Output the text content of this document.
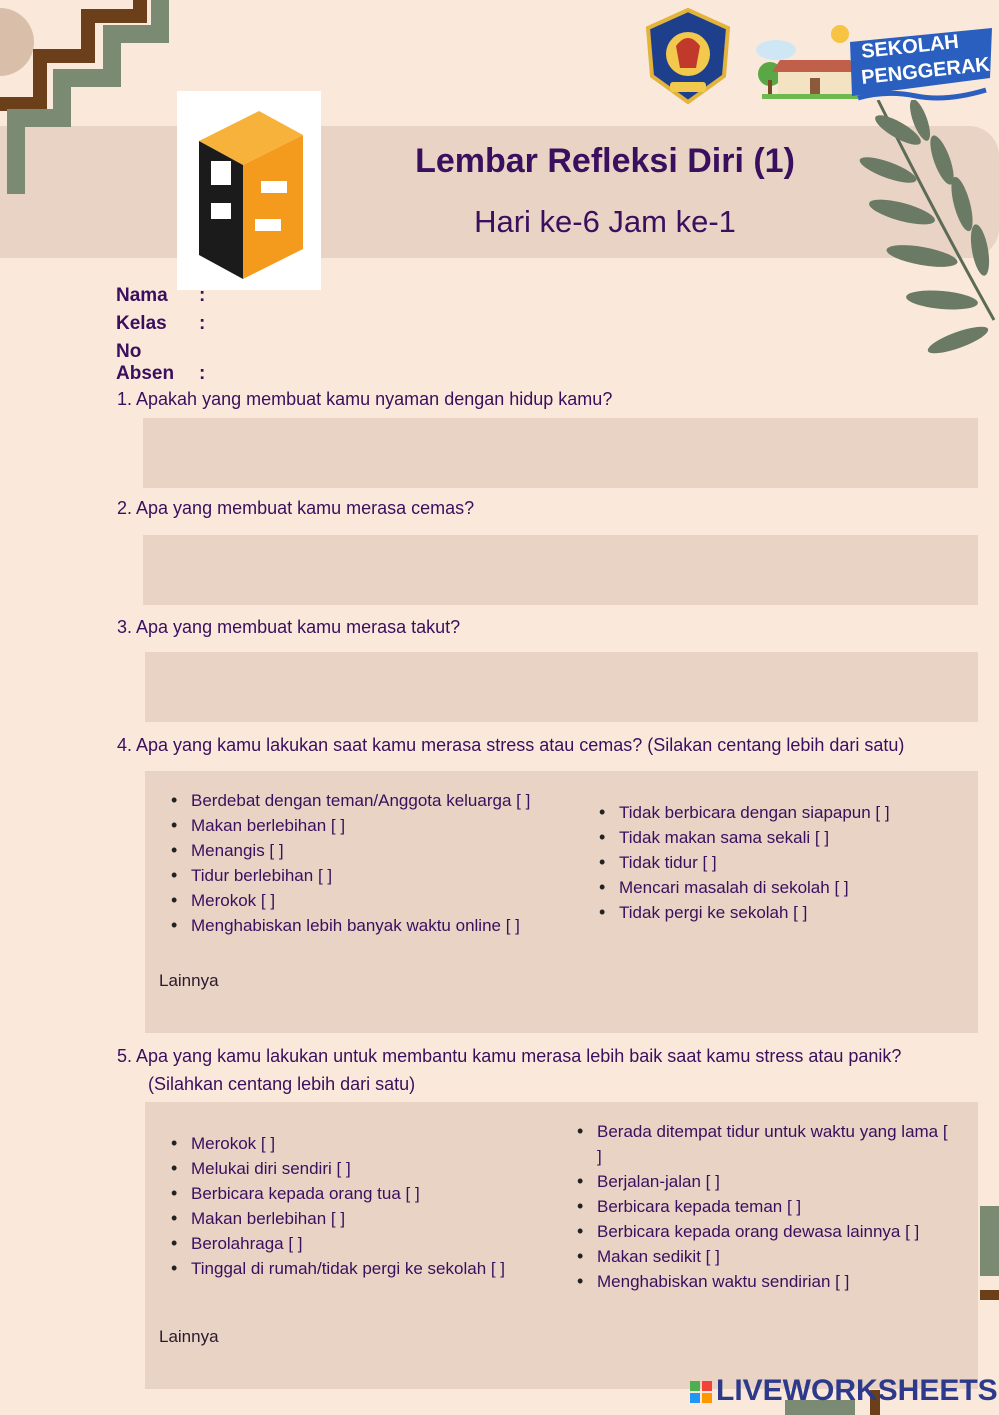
SEKOLAH
PENGGERAK
Lembar Refleksi Diri (1)
Hari ke-6 Jam ke-1
Nama :
Kelas :
No Absen :
1. Apakah yang membuat kamu nyaman dengan hidup kamu?
2. Apa yang membuat kamu merasa cemas?
3. Apa yang membuat kamu merasa takut?
4. Apa yang kamu lakukan saat kamu merasa stress atau cemas? (Silakan centang lebih dari satu)
• Berdebat dengan teman/Anggota keluarga [ ]
• Makan berlebihan [ ]
• Menangis [ ]
• Tidur berlebihan [ ]
• Merokok [ ]
• Menghabiskan lebih banyak waktu online [ ]
• Tidak berbicara dengan siapapun [ ]
• Tidak makan sama sekali [ ]
• Tidak tidur [ ]
• Mencari masalah di sekolah [ ]
• Tidak pergi ke sekolah [ ]
Lainnya
5. Apa yang kamu lakukan untuk membantu kamu merasa lebih baik saat kamu stress atau panik?
(Silahkan centang lebih dari satu)
• Merokok [ ]
• Melukai diri sendiri [ ]
• Berbicara kepada orang tua [ ]
• Makan berlebihan [ ]
• Berolahraga [ ]
• Tinggal di rumah/tidak pergi ke sekolah [ ]
• Berada ditempat tidur untuk waktu yang lama [ ]
• Berjalan-jalan [ ]
• Berbicara kepada teman [ ]
• Berbicara kepada orang dewasa lainnya [ ]
• Makan sedikit [ ]
• Menghabiskan waktu sendirian [ ]
Lainnya
LIVEWORKSHEETS
